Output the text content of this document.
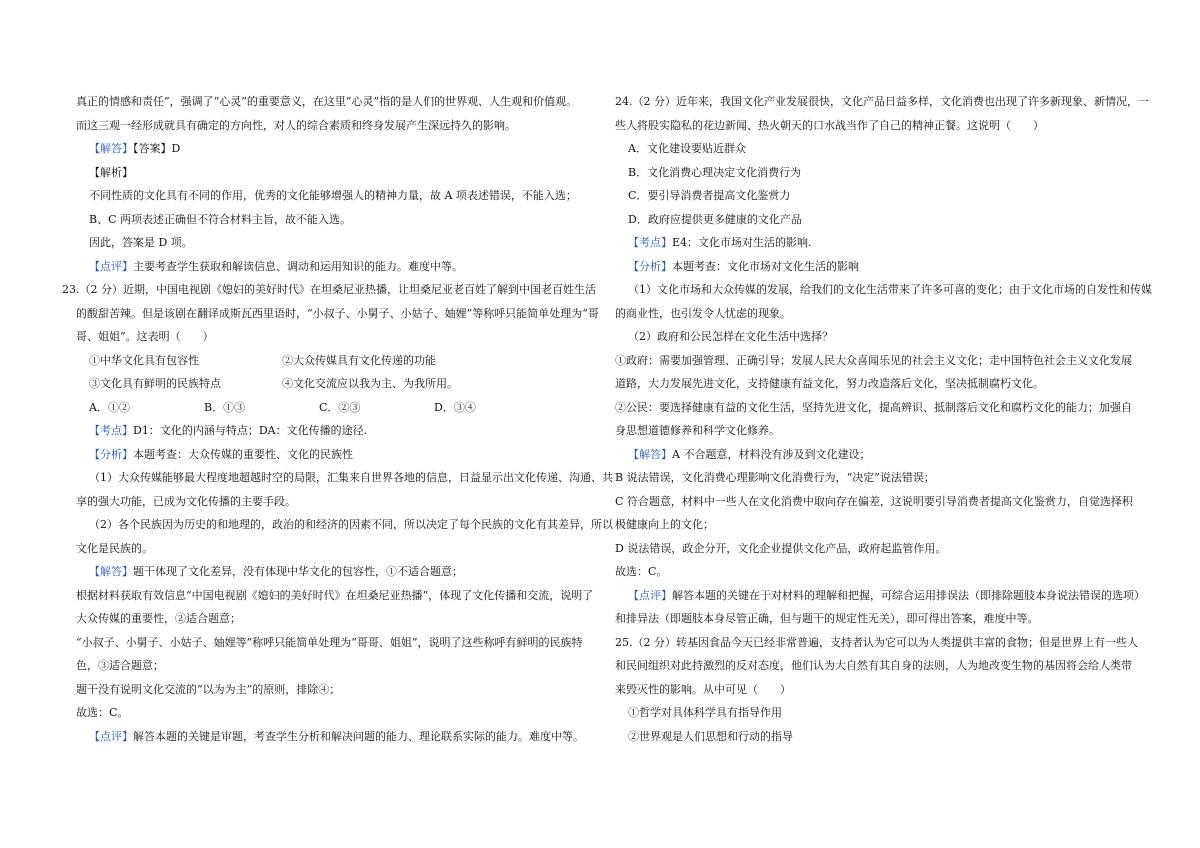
真正的情感和责任”，强调了“心灵”的重要意义，在这里“心灵”指的是人们的世界观、人生观和价值观。
而这三观一经形成就具有确定的方向性，对人的综合素质和终身发展产生深远持久的影响。
【解答】【答案】D
【解析】
不同性质的文化具有不同的作用，优秀的文化能够增强人的精神力量，故 A 项表述错误，不能入选；
B、C 两项表述正确但不符合材料主旨，故不能入选。
因此，答案是 D 项。
【点评】主要考查学生获取和解读信息、调动和运用知识的能力。难度中等。
23.（2 分）近期，中国电视剧《媳妇的美好时代》在坦桑尼亚热播，让坦桑尼亚老百姓了解到中国老百姓生活
的酸甜苦辣。但是该剧在翻译成斯瓦西里语时，“小叔子、小舅子、小姑子、妯娌”等称呼只能简单处理为“哥
哥、姐姐”。这表明（　　）
①中华文化具有包容性	②大众传媒具有文化传递的功能
③文化具有鲜明的民族特点	④文化交流应以我为主、为我所用。
A．①②	B．①③	C．②③	D．③④
【考点】D1：文化的内涵与特点；DA：文化传播的途径.
【分析】本题考查：大众传媒的重要性、文化的民族性
（1）大众传媒能够最大程度地超越时空的局限，汇集来自世界各地的信息，日益显示出文化传递、沟通、共
享的强大功能，已成为文化传播的主要手段。
（2）各个民族因为历史的和地理的，政治的和经济的因素不同，所以决定了每个民族的文化有其差异，所以
文化是民族的。
【解答】题干体现了文化差异，没有体现中华文化的包容性，①不适合题意；
根据材料获取有效信息“中国电视剧《媳妇的美好时代》在坦桑尼亚热播”，体现了文化传播和交流，说明了
大众传媒的重要性，②适合题意；
“小叔子、小舅子、小姑子、妯娌等”称呼只能简单处理为“哥哥、姐姐”，说明了这些称呼有鲜明的民族特
色，③适合题意；
题干没有说明文化交流的“以为为主”的原则，排除④；
故选：C。
【点评】解答本题的关键是审题，考查学生分析和解决问题的能力、理论联系实际的能力。难度中等。
24.（2 分）近年来，我国文化产业发展很快，文化产品日益多样，文化消费也出现了许多新现象、新情况，一
些人将股实隐私的花边新闻、热火朝天的口水战当作了自己的精神正餐。这说明（　　）
A．文化建设要贴近群众
B．文化消费心理决定文化消费行为
C．要引导消费者提高文化鉴赏力
D．政府应提供更多健康的文化产品
【考点】E4：文化市场对生活的影响.
【分析】本题考查：文化市场对文化生活的影响
（1）文化市场和大众传媒的发展，给我们的文化生活带来了许多可喜的变化；由于文化市场的自发性和传媒
的商业性，也引发令人忧虑的现象。
（2）政府和公民怎样在文化生活中选择？
①政府：需要加强管理、正确引导；发展人民大众喜闻乐见的社会主义文化；走中国特色社会主义文化发展
道路，大力发展先进文化，支持健康有益文化，努力改造落后文化，坚决抵制腐朽文化。
②公民：要选择健康有益的文化生活，坚持先进文化，提高辨识、抵制落后文化和腐朽文化的能力；加强自
身思想道德修养和科学文化修养。
【解答】A 不合题意，材料没有涉及到文化建设；
B 说法错误，文化消费心理影响文化消费行为，“决定”说法错误；
C 符合题意，材料中一些人在文化消费中取向存在偏差，这说明要引导消费者提高文化鉴赏力，自觉选择积
极健康向上的文化；
D 说法错误，政企分开，文化企业提供文化产品，政府起监管作用。
故选：C。
【点评】解答本题的关键在于对材料的理解和把握，可综合运用排误法（即排除题肢本身说法错误的选项）
和排异法（即题肢本身尽管正确，但与题干的规定性无关），即可得出答案，难度中等。
25.（2 分）转基因食品今天已经非常普遍，支持者认为它可以为人类提供丰富的食物；但是世界上有一些人
和民间组织对此持激烈的反对态度，他们认为大自然有其自身的法则，人为地改变生物的基因将会给人类带
来毁灭性的影响。从中可见（　　）
①哲学对具体科学具有指导作用
②世界观是人们思想和行动的指导
